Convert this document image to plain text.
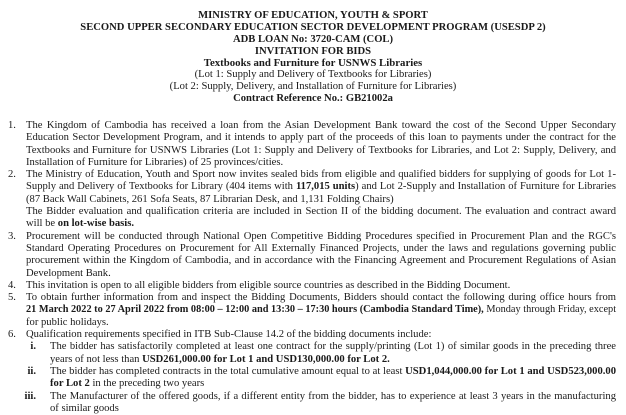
MINISTRY OF EDUCATION, YOUTH & SPORT
SECOND UPPER SECONDARY EDUCATION SECTOR DEVELOPMENT PROGRAM (USESDP 2)
ADB LOAN No: 3720-CAM (COL)
INVITATION FOR BIDS
Textbooks and Furniture for USNWS Libraries
(Lot 1: Supply and Delivery of Textbooks for Libraries)
(Lot 2: Supply, Delivery, and Installation of Furniture for Libraries)
Contract Reference No.: GB21002a
1. The Kingdom of Cambodia has received a loan from the Asian Development Bank toward the cost of the Second Upper Secondary
Education Sector Development Program, and it intends to apply part of the proceeds of this loan to payments under the contract for the
Textbooks and Furniture for USNWS Libraries (Lot 1: Supply and Delivery of Textbooks for Libraries, and Lot 2: Supply, Delivery, and
Installation of Furniture for Libraries) of 25 provinces/cities.
2. The Ministry of Education, Youth and Sport now invites sealed bids from eligible and qualified bidders for supplying of goods for Lot 1-
Supply and Delivery of Textbooks for Library (404 items with 117,015 units) and Lot 2-Supply and Installation of Furniture for Libraries
(87 Back Wall Cabinets, 261 Sofa Seats, 87 Librarian Desk, and 1,131 Folding Chairs)
The Bidder evaluation and qualification criteria are included in Section II of the bidding document. The evaluation and contract award
will be on lot-wise basis.
3. Procurement will be conducted through National Open Competitive Bidding Procedures specified in Procurement Plan and the RGC's
Standard Operating Procedures on Procurement for All Externally Financed Projects, under the laws and regulations governing public
procurement within the Kingdom of Cambodia, and in accordance with the Financing Agreement and Procurement Regulations of Asian
Development Bank.
4. This invitation is open to all eligible bidders from eligible source countries as described in the Bidding Document.
5. To obtain further information from and inspect the Bidding Documents, Bidders should contact the following during office hours from
21 March 2022 to 27 April 2022 from 08:00 – 12:00 and 13:30 – 17:30 hours (Cambodia Standard Time), Monday through Friday, except
for public holidays.
6. Qualification requirements specified in ITB Sub-Clause 14.2 of the bidding documents include:
i. The bidder has satisfactorily completed at least one contract for the supply/printing (Lot 1) of similar goods in the preceding three
years of not less than USD261,000.00 for Lot 1 and USD130,000.00 for Lot 2.
ii. The bidder has completed contracts in the total cumulative amount equal to at least USD1,044,000.00 for Lot 1 and USD523,000.00
for Lot 2 in the preceding two years
iii. The Manufacturer of the offered goods, if a different entity from the bidder, has to experience at least 3 years in the manufacturing
of similar goods
